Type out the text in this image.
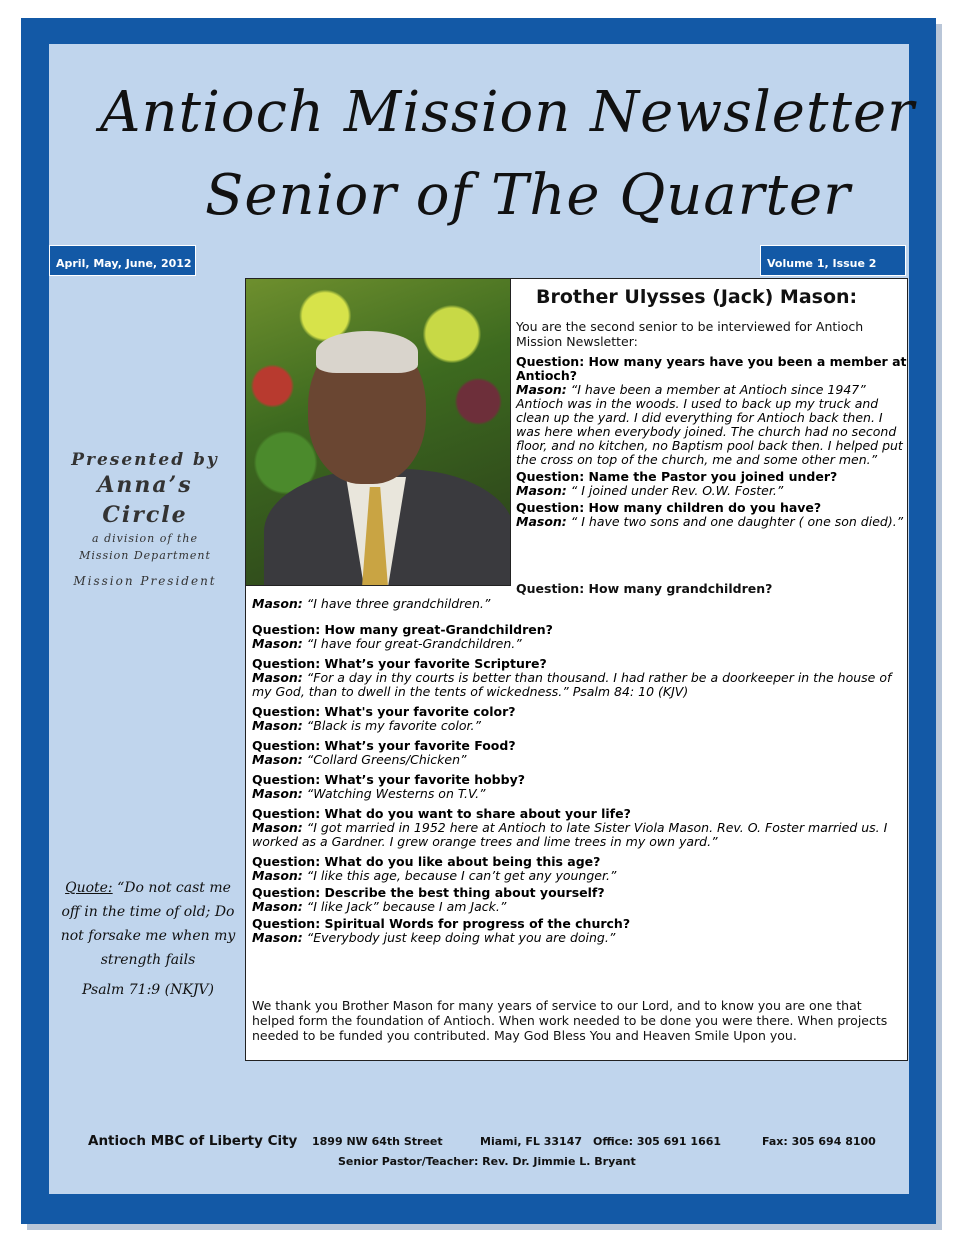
Antioch Mission Newsletter
Senior of The Quarter
April, May, June, 2012	Volume 1, Issue 2
Presented by
Anna’s
Circle
a division of the
Mission Department
Mission President
Quote: “Do not cast me off in the time of old; Do not forsake me when my strength fails
Psalm 71:9 (NKJV)
Brother Ulysses (Jack) Mason:
You are the second senior to be interviewed for Antioch Mission Newsletter:
Question: How many years have you been a member at Antioch?
Mason: “I have been a member at Antioch since 1947” Antioch was in the woods. I used to back up my truck and clean up the yard. I did everything for Antioch back then. I was here when everybody joined. The church had no second floor, and no kitchen, no Baptism pool back then. I helped put the cross on top of the church, me and some other men.”
Question: Name the Pastor you joined under?
Mason: “ I joined under Rev. O.W. Foster.”
Question: How many children do you have?
Mason: “ I have two sons and one daughter ( one son died).”
Question: How many grandchildren?
Mason: “I have three grandchildren.”
Question: How many great-Grandchildren?
Mason: “I have four great-Grandchildren.”
Question: What’s your favorite Scripture?
Mason: “For a day in thy courts is better than thousand. I had rather be a doorkeeper in the house of my God, than to dwell in the tents of wickedness.” Psalm 84: 10 (KJV)
Question: What's your favorite color?
Mason: “Black is my favorite color.”
Question: What’s your favorite Food?
Mason: “Collard Greens/Chicken”
Question: What’s your favorite hobby?
Mason: “Watching Westerns on T.V.”
Question: What do you want to share about your life?
Mason: “I got married in 1952 here at Antioch to late Sister Viola Mason. Rev. O. Foster married us. I worked as a Gardner. I grew orange trees and lime trees in my own yard.”
Question: What do you like about being this age?
Mason: “I like this age, because I can’t get any younger.”
Question: Describe the best thing about yourself?
Mason: “I like Jack” because I am Jack.”
Question: Spiritual Words for progress of the church?
Mason: “Everybody just keep doing what you are doing.”
We thank you Brother Mason for many years of service to our Lord, and to know you are one that helped form the foundation of Antioch. When work needed to be done you were there. When projects needed to be funded you contributed. May God Bless You and Heaven Smile Upon you.
Antioch MBC of Liberty City 1899 NW 64th Street	Miami, FL 33147 Office: 305 691 1661	Fax: 305 694 8100
Senior Pastor/Teacher: Rev. Dr. Jimmie L. Bryant
